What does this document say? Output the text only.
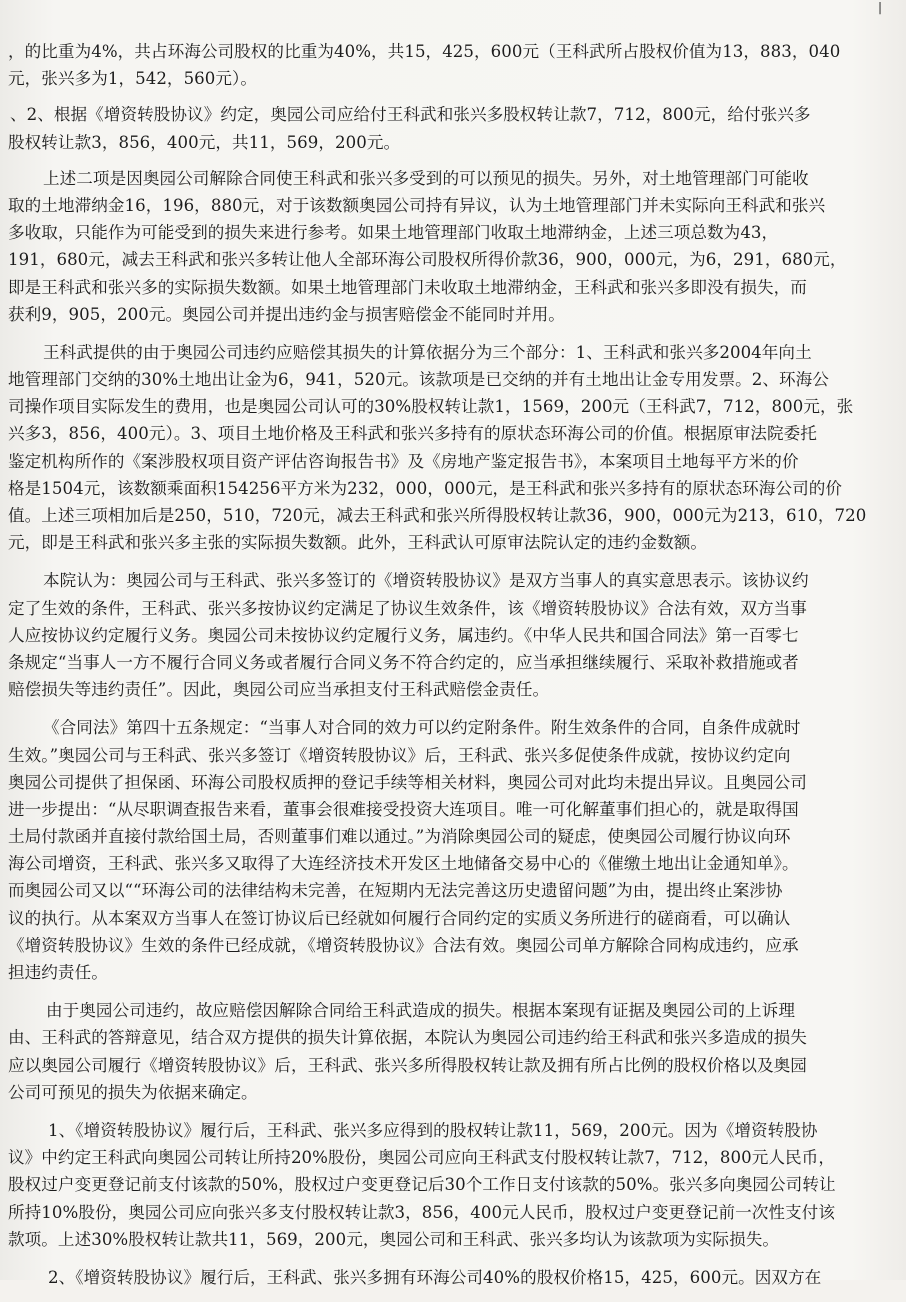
|
​
，的比重为4%，共占环海公司股权的比重为40%，共15，425，600元（王科武所占股权价值为13，883，040
元，张兴多为1，542，560元）。
、2、根据《增资转股协议》约定，奥园公司应给付王科武和张兴多股权转让款7，712，800元，给付张兴多
股权转让款3，856，400元，共11，569，200元。
上述二项是因奥园公司解除合同使王科武和张兴多受到的可以预见的损失。另外，对土地管理部门可能收
取的土地滞纳金16，196，880元，对于该数额奥园公司持有异议，认为土地管理部门并未实际向王科武和张兴
多收取，只能作为可能受到的损失来进行参考。如果土地管理部门收取土地滞纳金，上述三项总数为43，
191，680元，减去王科武和张兴多转让他人全部环海公司股权所得价款36，900，000元，为6，291，680元，
即是王科武和张兴多的实际损失数额。如果土地管理部门未收取土地滞纳金，王科武和张兴多即没有损失，而
获利9，905，200元。奥园公司并提出违约金与损害赔偿金不能同时并用。
王科武提供的由于奥园公司违约应赔偿其损失的计算依据分为三个部分：1、王科武和张兴多2004年向土
地管理部门交纳的30%土地出让金为6，941，520元。该款项是已交纳的并有土地出让金专用发票。2、环海公
司操作项目实际发生的费用，也是奥园公司认可的30%股权转让款1，1569，200元（王科武7，712，800元，张
兴多3，856，400元）。3、项目土地价格及王科武和张兴多持有的原状态环海公司的价值。根据原审法院委托
鉴定机构所作的《案涉股权项目资产评估咨询报告书》及《房地产鉴定报告书》，本案项目土地每平方米的价
格是1504元，该数额乘面积154256平方米为232，000，000元，是王科武和张兴多持有的原状态环海公司的价
值。上述三项相加后是250，510，720元，减去王科武和张兴所得股权转让款36，900，000元为213，610，720
元，即是王科武和张兴多主张的实际损失数额。此外，王科武认可原审法院认定的违约金数额。
本院认为：奥园公司与王科武、张兴多签订的《增资转股协议》是双方当事人的真实意思表示。该协议约
定了生效的条件，王科武、张兴多按协议约定满足了协议生效条件，该《增资转股协议》合法有效，双方当事
人应按协议约定履行义务。奥园公司未按协议约定履行义务，属违约。《中华人民共和国合同法》第一百零七
条规定“当事人一方不履行合同义务或者履行合同义务不符合约定的，应当承担继续履行、采取补救措施或者
赔偿损失等违约责任”。因此，奥园公司应当承担支付王科武赔偿金责任。
《合同法》第四十五条规定：“当事人对合同的效力可以约定附条件。附生效条件的合同，自条件成就时
生效。”奥园公司与王科武、张兴多签订《增资转股协议》后，王科武、张兴多促使条件成就，按协议约定向
奥园公司提供了担保函、环海公司股权质押的登记手续等相关材料，奥园公司对此均未提出异议。且奥园公司
进一步提出：“从尽职调查报告来看，董事会很难接受投资大连项目。唯一可化解董事们担心的，就是取得国
土局付款函并直接付款给国土局，否则董事们难以通过。”为消除奥园公司的疑虑，使奥园公司履行协议向环
海公司增资，王科武、张兴多又取得了大连经济技术开发区土地储备交易中心的《催缴土地出让金通知单》。
而奥园公司又以““环海公司的法律结构未完善，在短期内无法完善这历史遗留问题”为由，提出终止案涉协
议的执行。从本案双方当事人在签订协议后已经就如何履行合同约定的实质义务所进行的磋商看，可以确认
《增资转股协议》生效的条件已经成就，《增资转股协议》合法有效。奥园公司单方解除合同构成违约，应承
担违约责任。
由于奥园公司违约，故应赔偿因解除合同给王科武造成的损失。根据本案现有证据及奥园公司的上诉理
由、王科武的答辩意见，结合双方提供的损失计算依据，本院认为奥园公司违约给王科武和张兴多造成的损失
应以奥园公司履行《增资转股协议》后，王科武、张兴多所得股权转让款及拥有所占比例的股权价格以及奥园
公司可预见的损失为依据来确定。
1、《增资转股协议》履行后，王科武、张兴多应得到的股权转让款11，569，200元。因为《增资转股协
议》中约定王科武向奥园公司转让所持20%股份，奥园公司应向王科武支付股权转让款7，712，800元人民币，
股权过户变更登记前支付该款的50%，股权过户变更登记后30个工作日支付该款的50%。张兴多向奥园公司转让
所持10%股份，奥园公司应向张兴多支付股权转让款3，856，400元人民币，股权过户变更登记前一次性支付该
款项。上述30%股权转让款共11，569，200元，奥园公司和王科武、张兴多均认为该款项为实际损失。
2、《增资转股协议》履行后，王科武、张兴多拥有环海公司40%的股权价格15，425，600元。因双方在
